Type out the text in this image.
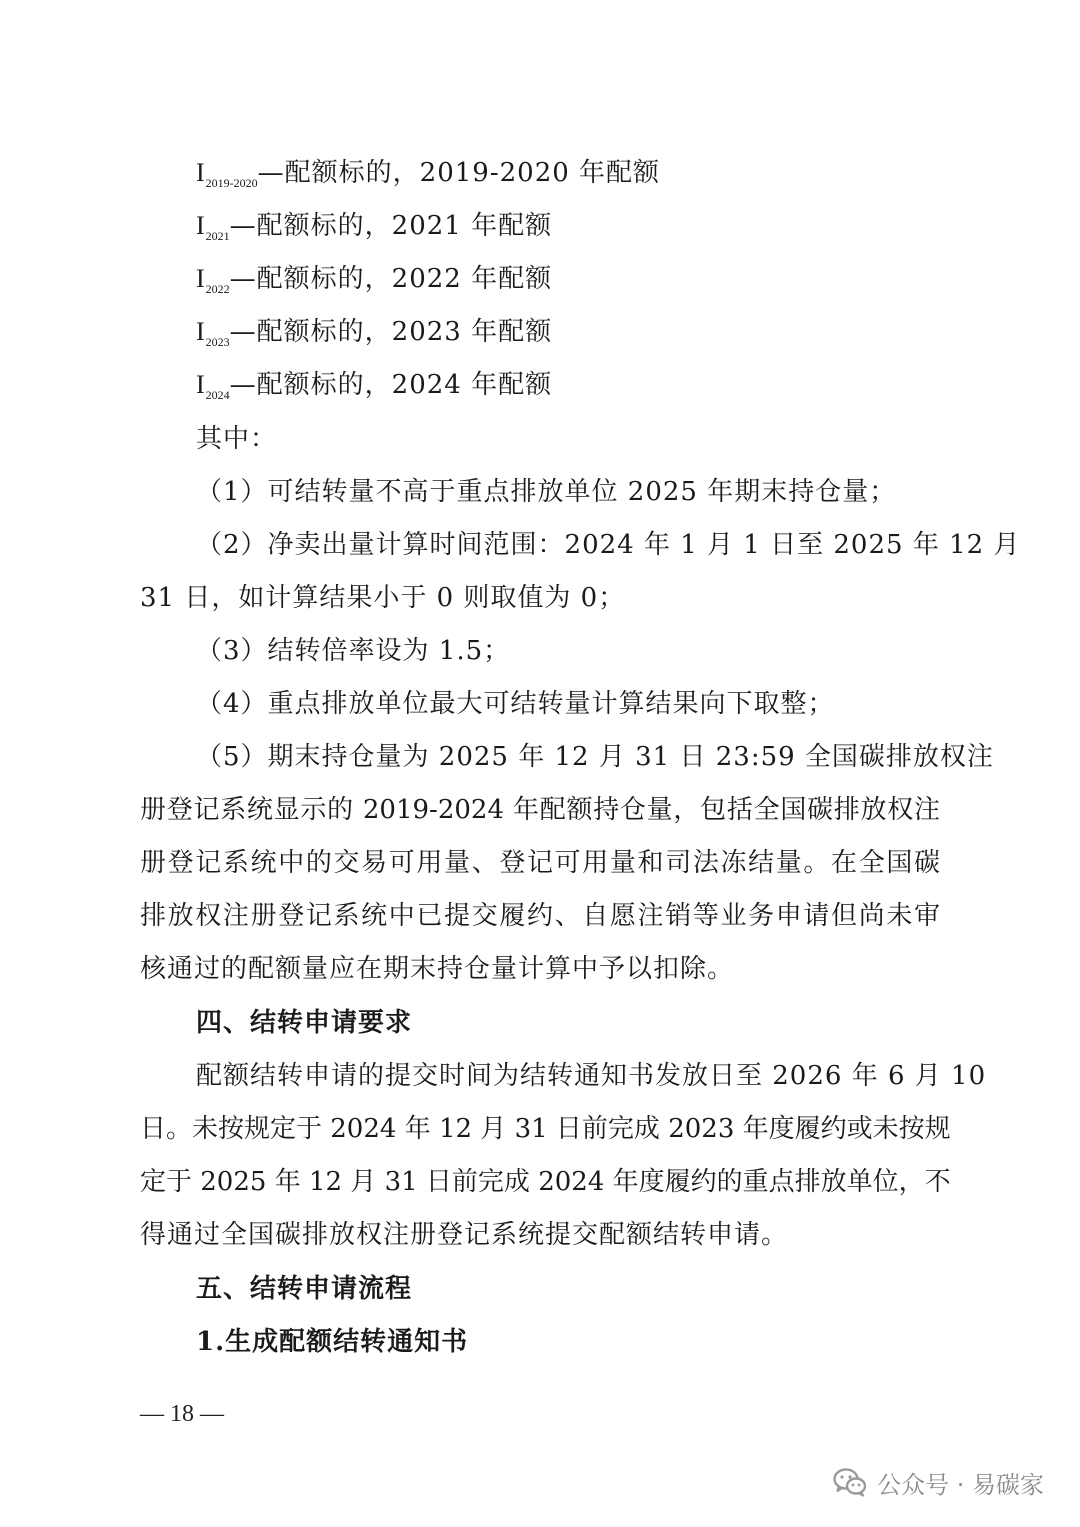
$I_{2019-2020}—$配额标的，2019-2020 年配额
$I_{2021}—$配额标的，2021 年配额
$I_{2022}—$配额标的，2022 年配额
$I_{2023}—$配额标的，2023 年配额
$I_{2024}—$配额标的，2024 年配额
其中：
（1）可结转量不高于重点排放单位 2025 年期末持仓量；
（2）净卖出量计算时间范围：2024 年 1 月 1 日至 2025 年 12 月
31 日，如计算结果小于 0 则取值为 0；
（3）结转倍率设为 1.5；
（4）重点排放单位最大可结转量计算结果向下取整；
（5）期末持仓量为 2025 年 12 月 31 日 23:59 全国碳排放权注
册登记系统显示的 2019-2024 年配额持仓量，包括全国碳排放权注
册登记系统中的交易可用量、登记可用量和司法冻结量。在全国碳
排放权注册登记系统中已提交履约、自愿注销等业务申请但尚未审
核通过的配额量应在期末持仓量计算中予以扣除。
四、结转申请要求
配额结转申请的提交时间为结转通知书发放日至 2026 年 6 月 10
日。未按规定于 2024 年 12 月 31 日前完成 2023 年度履约或未按规
定于 2025 年 12 月 31 日前完成 2024 年度履约的重点排放单位，不
得通过全国碳排放权注册登记系统提交配额结转申请。
五、结转申请流程
1.生成配额结转通知书
— 18 —
公众号 · 易碳家
